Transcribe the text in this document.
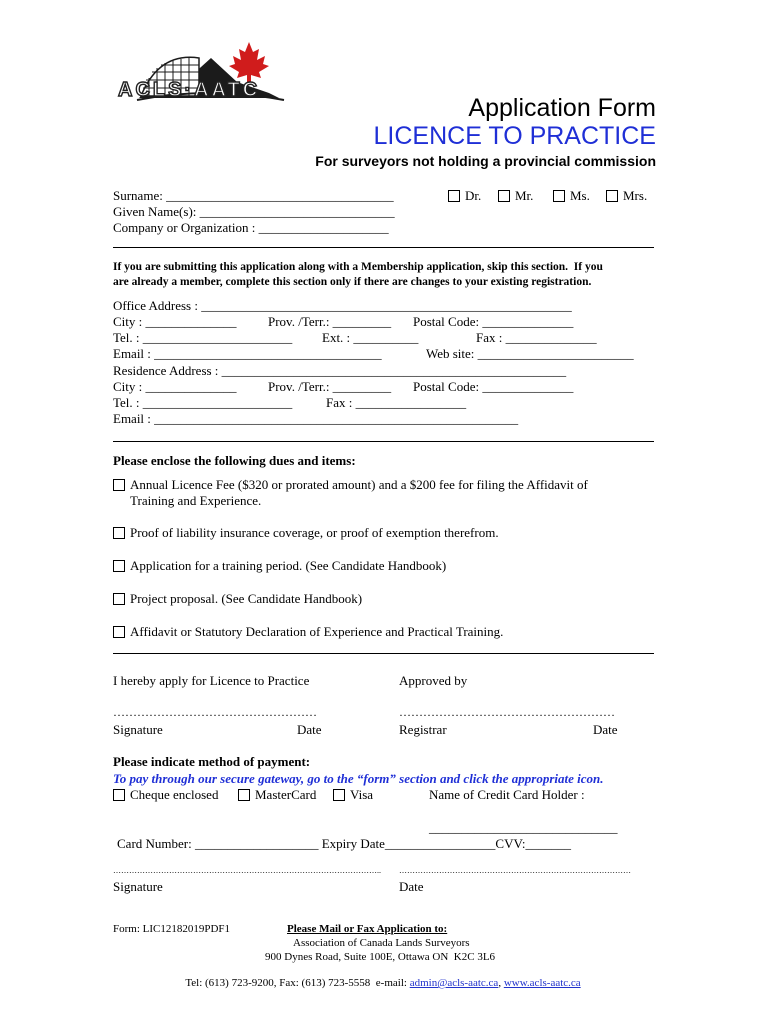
ACLS·AATC

Application Form
LICENCE TO PRACTICE
For surveyors not holding a provincial commission
Surname: ___________________________________
Given Name(s): ______________________________
Company or Organization : ____________________
Dr.	Mr.	Ms.	Mrs.
If you are submitting this application along with a Membership application, skip this section.  If you
are already a member, complete this section only if there are changes to your existing registration.
Office Address : _________________________________________________________
City : ______________ Prov. /Terr.: _________ Postal Code: ______________
Tel. : _______________________ Ext. : __________	Fax : ______________
Email : ___________________________________	Web site: ________________________
Residence Address : _____________________________________________________
City : ______________ Prov. /Terr.: _________ Postal Code: ______________
Tel. : _______________________	Fax : _________________
Email : ________________________________________________________
Please enclose the following dues and items:
Annual Licence Fee ($320 or prorated amount) and a $200 fee for filing the Affidavit of
Training and Experience.
Proof of liability insurance coverage, or proof of exemption therefrom.
Application for a training period. (See Candidate Handbook)
Project proposal. (See Candidate Handbook)
Affidavit or Statutory Declaration of Experience and Practical Training.
I hereby apply for Licence to Practice	Approved by
……………………………………………	………………………………………………
Signature	Date	Registrar	Date
Please indicate method of payment:
To pay through our secure gateway, go to the “form” section and click the appropriate icon.
Cheque enclosed	MasterCard	Visa	Name of Credit Card Holder :
_____________________________
Card Number: ___________________ Expiry Date_________________CVV:_______
……………………………………………………………………………………….. ……………………………………………………………………………
Signature	Date
Form: LIC12182019PDF1	Please Mail or Fax Application to:
Association of Canada Lands Surveyors
900 Dynes Road, Suite 100E, Ottawa ON  K2C 3L6

Tel: (613) 723-9200, Fax: (613) 723-5558  e-mail: admin@acls-aatc.ca, www.acls-aatc.ca
